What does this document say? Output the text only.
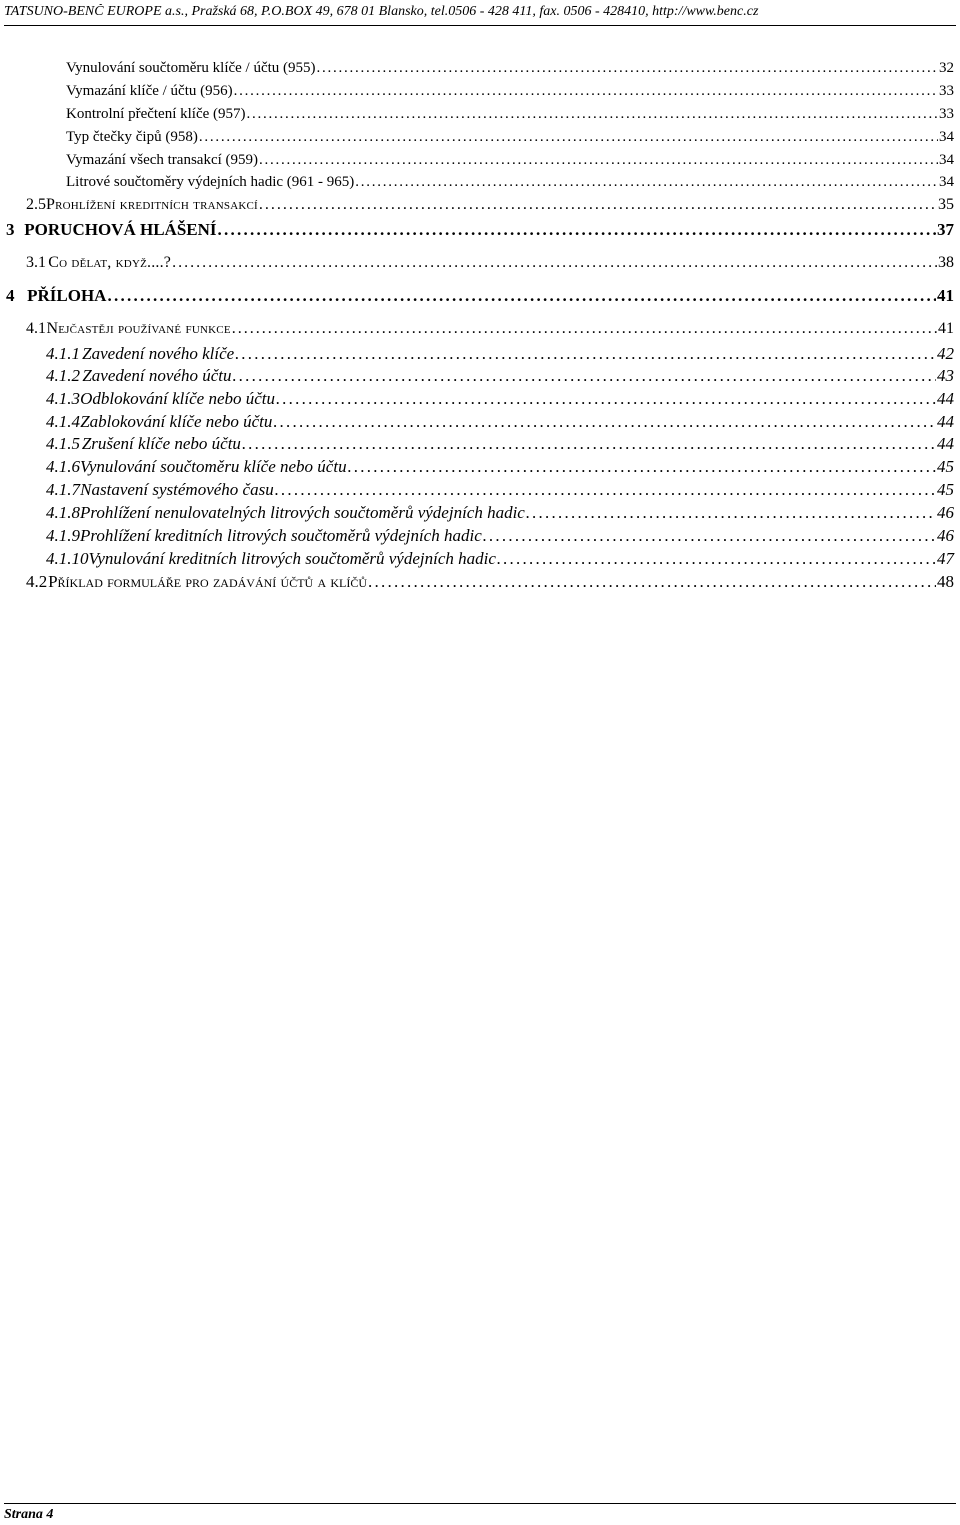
TATSUNO-BENČ EUROPE a.s., Pražská 68, P.O.BOX 49, 678 01 Blansko, tel.0506 - 428 411, fax. 0506 - 428410, http://www.benc.cz
Vynulování součtoměru klíče / účtu (955) . . .	32
Vymazání klíče / účtu (956) . . .	33
Kontrolní přečtení klíče (957) . . .	33
Typ čtečky čipů (958) . . .	34
Vymazání všech transakcí (959) . . .	34
Litrové součtoměry výdejních hadic (961 - 965) . . .	34
2.5 Prohlížení kreditních transakcí . . .	35
3 PORUCHOVÁ HLÁŠENÍ . . .	37
3.1 Co dělat, když....? . . .	38
4 PŘÍLOHA . . .	41
4.1 Nejčastěji používané funkce . . .	41
4.1.1 Zavedení nového klíče . . .	42
4.1.2 Zavedení nového účtu . . .	43
4.1.3 Odblokování klíče nebo účtu . . .	44
4.1.4 Zablokování klíče nebo účtu . . .	44
4.1.5 Zrušení klíče nebo účtu . . .	44
4.1.6 Vynulování součtoměru klíče nebo účtu . . .	45
4.1.7 Nastavení systémového času . . .	45
4.1.8 Prohlížení nenulovatelných litrových součtoměrů výdejních hadic . . .	46
4.1.9 Prohlížení kreditních litrových součtoměrů výdejních hadic . . .	46
4.1.10 Vynulování kreditních litrových součtoměrů výdejních hadic . . .	47
4.2 Příklad formuláře pro zadávání účtů a klíčů . . .	48
Strana 4
